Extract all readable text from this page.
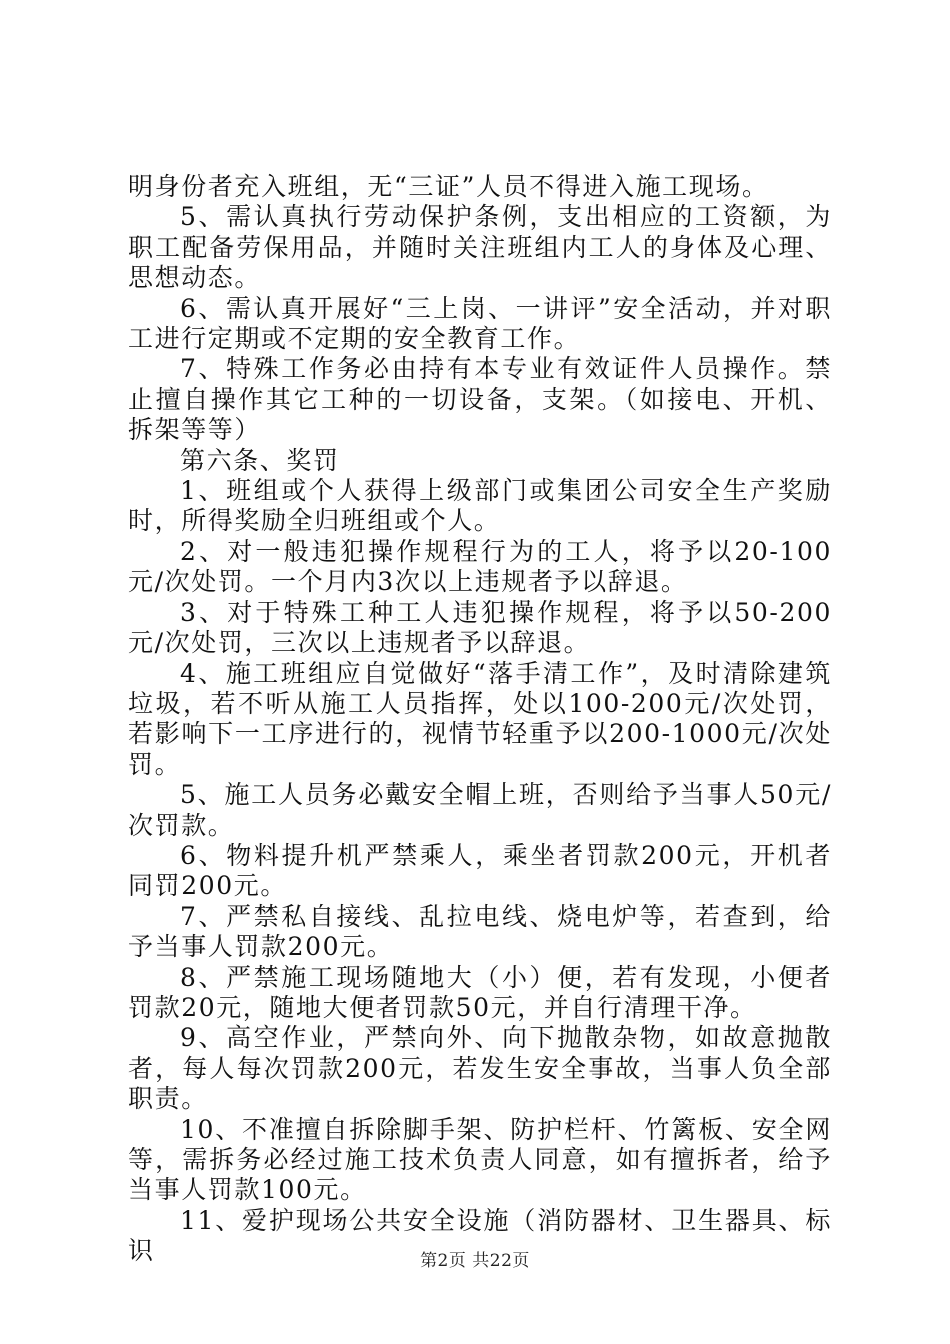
明身份者充入班组，无“三证”人员不得进入施工现场。

5、需认真执行劳动保护条例，支出相应的工资额，为职工配备劳保用品，并随时关注班组内工人的身体及心理、思想动态。

6、需认真开展好“三上岗、一讲评”安全活动，并对职工进行定期或不定期的安全教育工作。

7、特殊工作务必由持有本专业有效证件人员操作。禁止擅自操作其它工种的一切设备，支架。（如接电、开机、拆架等等）

第六条、奖罚

1、班组或个人获得上级部门或集团公司安全生产奖励时，所得奖励全归班组或个人。

2、对一般违犯操作规程行为的工人，将予以20-100元/次处罚。一个月内3次以上违规者予以辞退。

3、对于特殊工种工人违犯操作规程，将予以50-200元/次处罚，三次以上违规者予以辞退。

4、施工班组应自觉做好“落手清工作”，及时清除建筑垃圾，若不听从施工人员指挥，处以100-200元/次处罚，若影响下一工序进行的，视情节轻重予以200-1000元/次处罚。

5、施工人员务必戴安全帽上班，否则给予当事人50元/次罚款。

6、物料提升机严禁乘人，乘坐者罚款200元，开机者同罚200元。

7、严禁私自接线、乱拉电线、烧电炉等，若查到，给予当事人罚款200元。

8、严禁施工现场随地大（小）便，若有发现，小便者罚款20元，随地大便者罚款50元，并自行清理干净。

9、高空作业，严禁向外、向下抛散杂物，如故意抛散者，每人每次罚款200元，若发生安全事故，当事人负全部职责。

10、不准擅自拆除脚手架、防护栏杆、竹篱板、安全网等，需拆务必经过施工技术负责人同意，如有擅拆者，给予当事人罚款100元。

11、爱护现场公共安全设施（消防器材、卫生器具、标识	第2页 共22页
